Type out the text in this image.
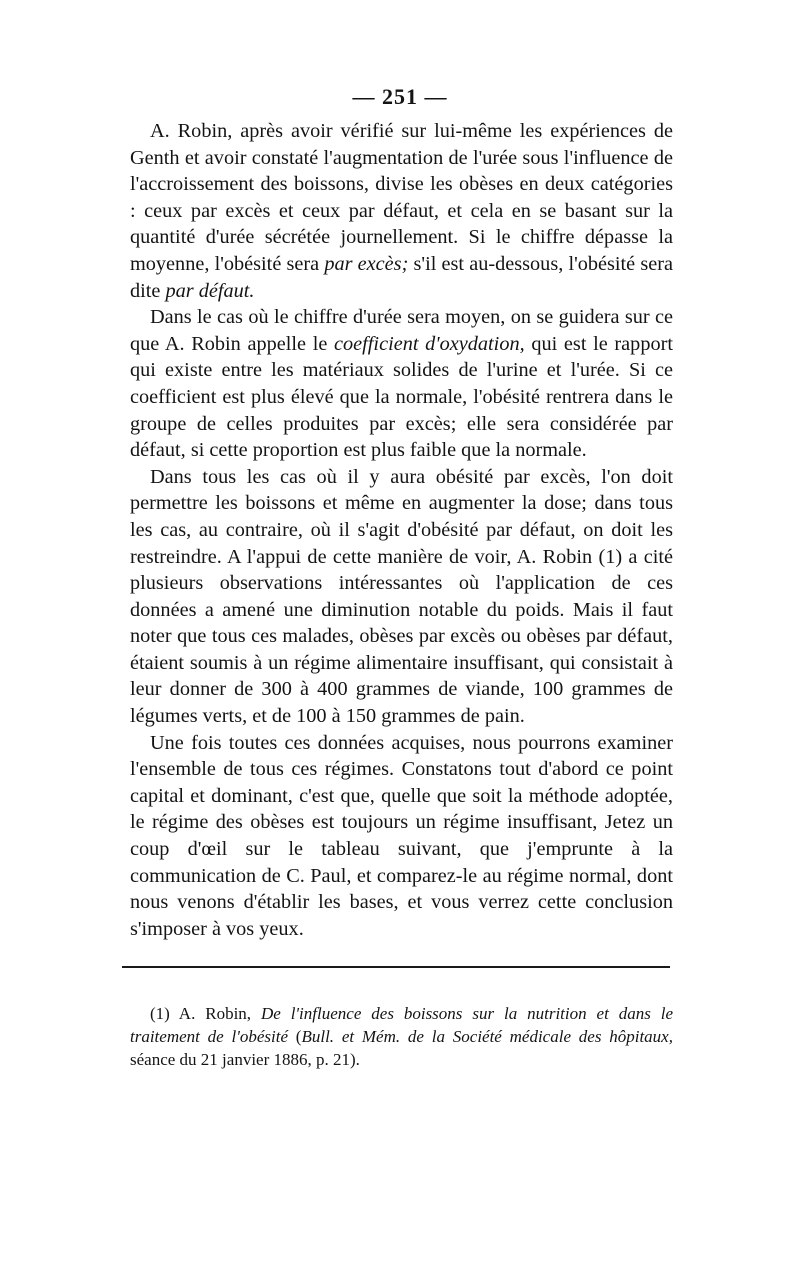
— 251 —

A. Robin, après avoir vérifié sur lui-même les expériences de Genth et avoir constaté l'augmentation de l'urée sous l'influence de l'accroissement des boissons, divise les obèses en deux catégories : ceux par excès et ceux par défaut, et cela en se basant sur la quantité d'urée sécrétée journellement. Si le chiffre dépasse la moyenne, l'obésité sera par excès; s'il est au-dessous, l'obésité sera dite par défaut.

Dans le cas où le chiffre d'urée sera moyen, on se guidera sur ce que A. Robin appelle le coefficient d'oxydation, qui est le rapport qui existe entre les matériaux solides de l'urine et l'urée. Si ce coefficient est plus élevé que la normale, l'obésité rentrera dans le groupe de celles produites par excès; elle sera considérée par défaut, si cette proportion est plus faible que la normale.

Dans tous les cas où il y aura obésité par excès, l'on doit permettre les boissons et même en augmenter la dose; dans tous les cas, au contraire, où il s'agit d'obésité par défaut, on doit les restreindre. A l'appui de cette manière de voir, A. Robin (1) a cité plusieurs observations intéressantes où l'application de ces données a amené une diminution notable du poids. Mais il faut noter que tous ces malades, obèses par excès ou obèses par défaut, étaient soumis à un régime alimentaire insuffisant, qui consistait à leur donner de 300 à 400 grammes de viande, 100 grammes de légumes verts, et de 100 à 150 grammes de pain.

Une fois toutes ces données acquises, nous pourrons examiner l'ensemble de tous ces régimes. Constatons tout d'abord ce point capital et dominant, c'est que, quelle que soit la méthode adoptée, le régime des obèses est toujours un régime insuffisant, Jetez un coup d'œil sur le tableau suivant, que j'emprunte à la communication de C. Paul, et comparez-le au régime normal, dont nous venons d'établir les bases, et vous verrez cette conclusion s'imposer à vos yeux.

(1) A. Robin, De l'influence des boissons sur la nutrition et dans le traitement de l'obésité (Bull. et Mém. de la Société médicale des hôpitaux, séance du 21 janvier 1886, p. 21).
